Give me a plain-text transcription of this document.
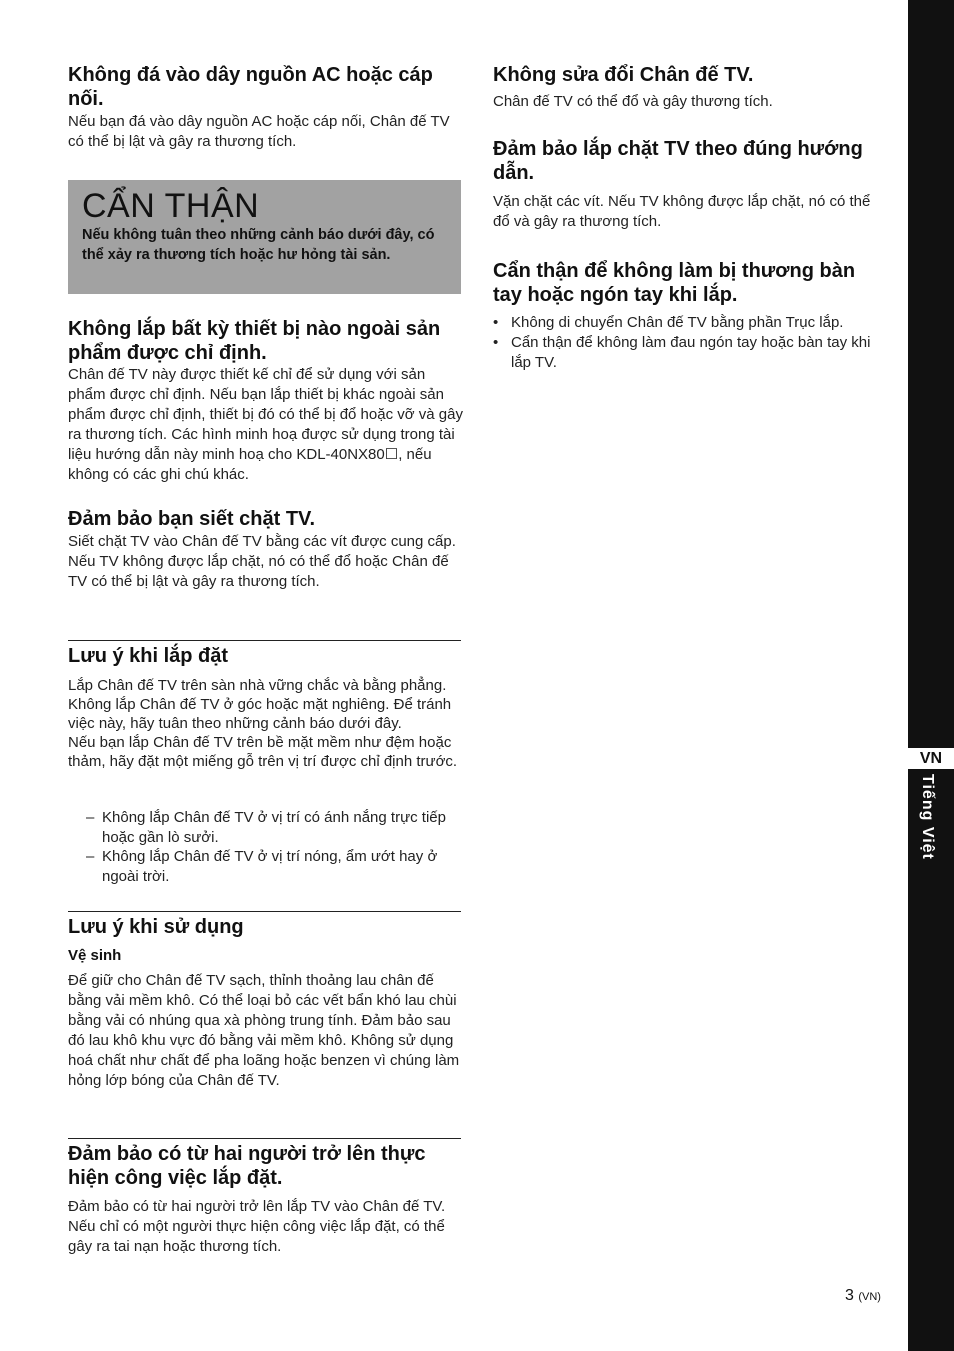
Không đá vào dây nguồn AC hoặc cáp nối.

Nếu bạn đá vào dây nguồn AC hoặc cáp nối, Chân đế TV có thể bị lật và gây ra thương tích.

CẨN THẬN

Nếu không tuân theo những cảnh báo dưới đây, có thể xảy ra thương tích hoặc hư hỏng tài sản.

Không lắp bất kỳ thiết bị nào ngoài sản phẩm được chỉ định.

Chân đế TV này được thiết kế chỉ để sử dụng với sản phẩm được chỉ định. Nếu bạn lắp thiết bị khác ngoài sản phẩm được chỉ định, thiết bị đó có thể bị đổ hoặc vỡ và gây ra thương tích. Các hình minh hoạ được sử dụng trong tài liệu hướng dẫn này minh hoạ cho KDL-40NX80☐, nếu không có các ghi chú khác.

Đảm bảo bạn siết chặt TV.

Siết chặt TV vào Chân đế TV bằng các vít được cung cấp. Nếu TV không được lắp chặt, nó có thể đổ hoặc Chân đế TV có thể bị lật và gây ra thương tích.

Lưu ý khi lắp đặt

Lắp Chân đế TV trên sàn nhà vững chắc và bằng phẳng. Không lắp Chân đế TV ở góc hoặc mặt nghiêng. Để tránh việc này, hãy tuân theo những cảnh báo dưới đây.
Nếu bạn lắp Chân đế TV trên bề mặt mềm như đệm hoặc thảm, hãy đặt một miếng gỗ trên vị trí được chỉ định trước.

– Không lắp Chân đế TV ở vị trí có ánh nắng trực tiếp hoặc gần lò sưởi.
– Không lắp Chân đế TV ở vị trí nóng, ẩm ướt hay ở ngoài trời.
Lưu ý khi sử dụng

Vệ sinh

Để giữ cho Chân đế TV sạch, thỉnh thoảng lau chân đế bằng vải mềm khô. Có thể loại bỏ các vết bẩn khó lau chùi bằng vải có nhúng qua xà phòng trung tính. Đảm bảo sau đó lau khô khu vực đó bằng vải mềm khô. Không sử dụng hoá chất như chất để pha loãng hoặc benzen vì chúng làm hỏng lớp bóng của Chân đế TV.

Đảm bảo có từ hai người trở lên thực hiện công việc lắp đặt.

Đảm bảo có từ hai người trở lên lắp TV vào Chân đế TV. Nếu chỉ có một người thực hiện công việc lắp đặt, có thể gây ra tai nạn hoặc thương tích.

Không sửa đổi Chân đế TV.

Chân đế TV có thể đổ và gây thương tích.

Đảm bảo lắp chặt TV theo đúng hướng dẫn.

Vặn chặt các vít. Nếu TV không được lắp chặt, nó có thể đổ và gây ra thương tích.

Cẩn thận để không làm bị thương bàn tay hoặc ngón tay khi lắp.
• Không di chuyển Chân đế TV bằng phần Trục lắp.
• Cẩn thận để không làm đau ngón tay hoặc bàn tay khi lắp TV.
VN
Tiếng Việt
3 (VN)
